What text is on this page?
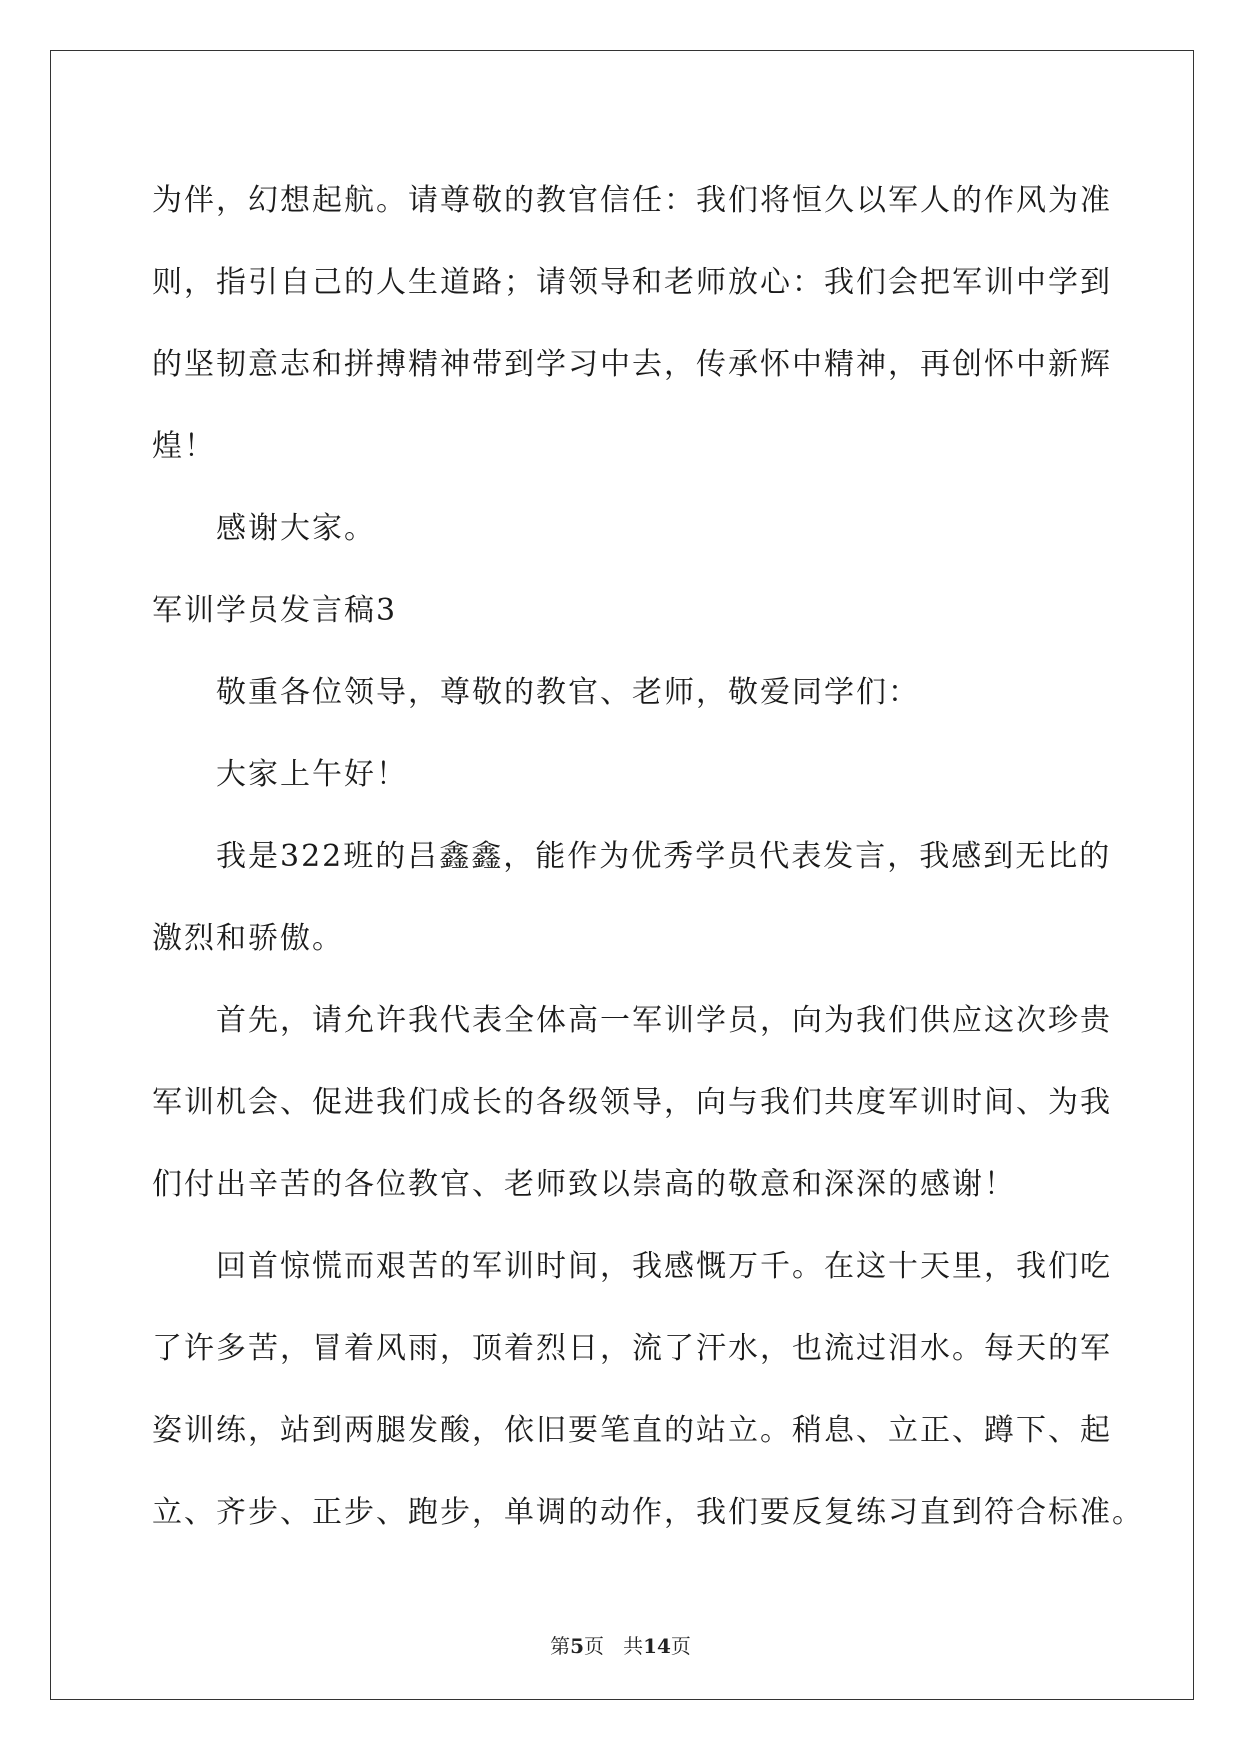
为伴，幻想起航。请尊敬的教官信任：我们将恒久以军人的作风为准
则，指引自己的人生道路；请领导和老师放心：我们会把军训中学到
的坚韧意志和拼搏精神带到学习中去，传承怀中精神，再创怀中新辉
煌！
感谢大家。
军训学员发言稿3
敬重各位领导，尊敬的教官、老师，敬爱同学们：
大家上午好！
我是322班的吕鑫鑫，能作为优秀学员代表发言，我感到无比的
激烈和骄傲。
首先，请允许我代表全体高一军训学员，向为我们供应这次珍贵
军训机会、促进我们成长的各级领导，向与我们共度军训时间、为我
们付出辛苦的各位教官、老师致以崇高的敬意和深深的感谢！
回首惊慌而艰苦的军训时间，我感慨万千。在这十天里，我们吃
了许多苦，冒着风雨，顶着烈日，流了汗水，也流过泪水。每天的军
姿训练，站到两腿发酸，依旧要笔直的站立。稍息、立正、蹲下、起
立、齐步、正步、跑步，单调的动作，我们要反复练习直到符合标准。
第5页 共14页
